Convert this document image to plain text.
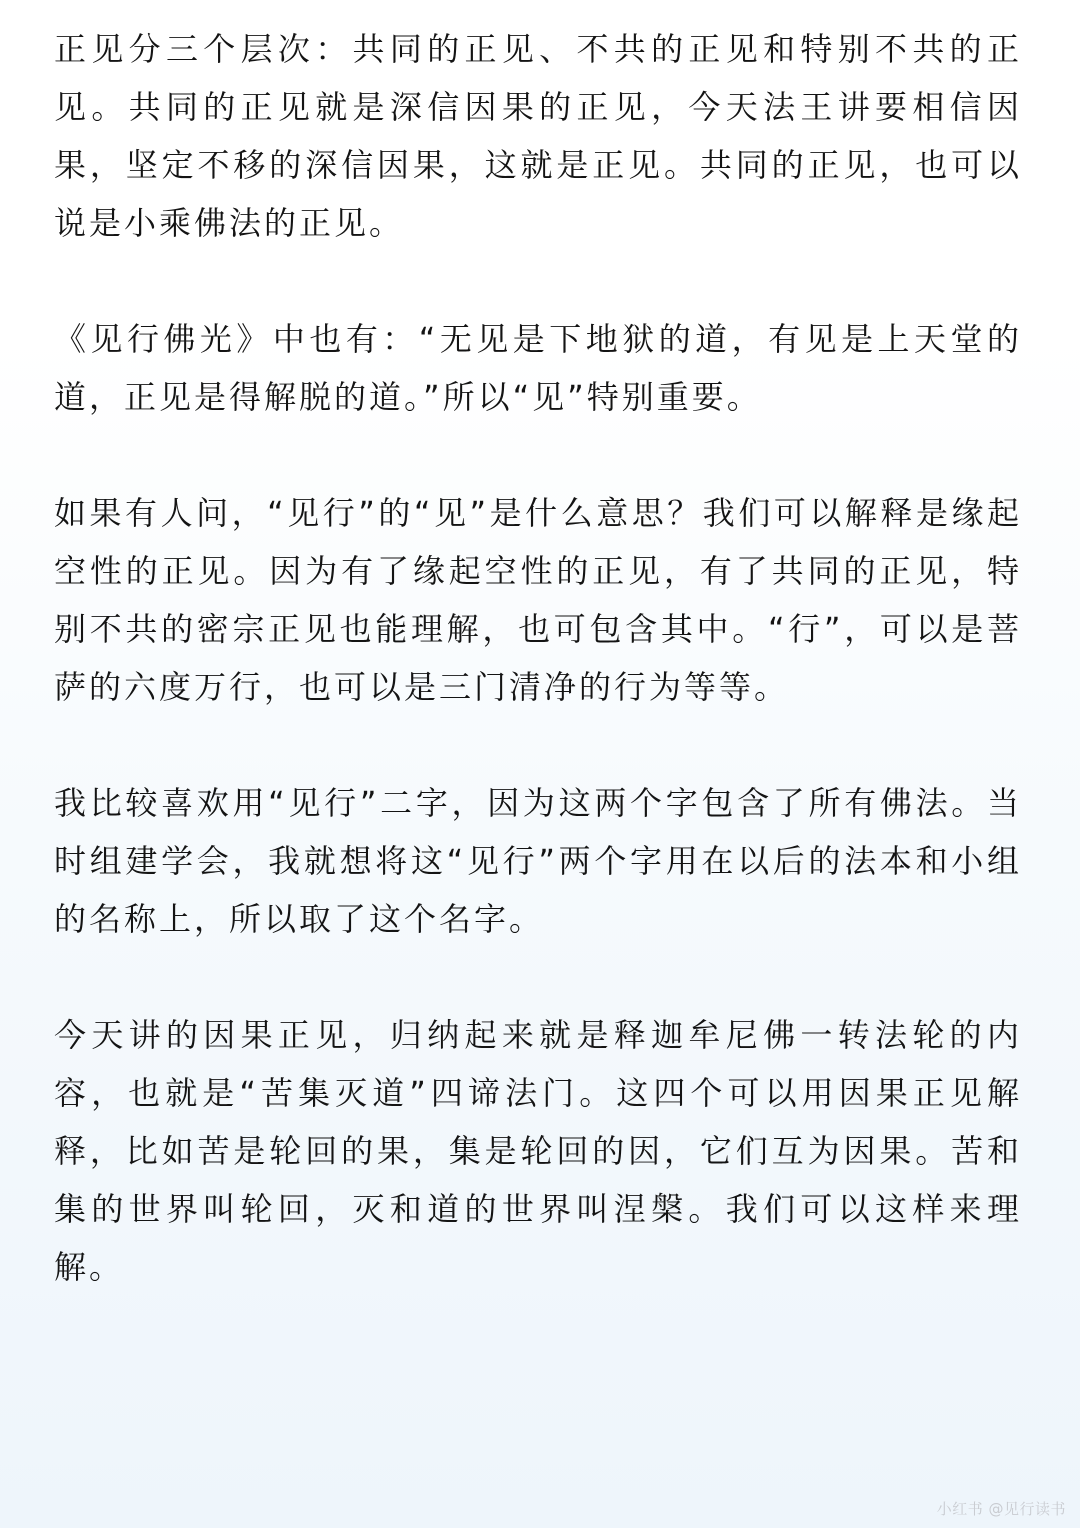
正见分三个层次：共同的正见、不共的正见和特别不共的正见。共同的正见就是深信因果的正见，今天法王讲要相信因果，坚定不移的深信因果，这就是正见。共同的正见，也可以说是小乘佛法的正见。

《见行佛光》中也有：“无见是下地狱的道，有见是上天堂的道，正见是得解脱的道。”所以“见”特别重要。

如果有人问，“见行”的“见”是什么意思？我们可以解释是缘起空性的正见。因为有了缘起空性的正见，有了共同的正见，特别不共的密宗正见也能理解，也可包含其中。“行”，可以是菩萨的六度万行，也可以是三门清净的行为等等。

我比较喜欢用“见行”二字，因为这两个字包含了所有佛法。当时组建学会，我就想将这“见行”两个字用在以后的法本和小组的名称上，所以取了这个名字。

今天讲的因果正见，归纳起来就是释迦牟尼佛一转法轮的内容，也就是“苦集灭道”四谛法门。这四个可以用因果正见解释，比如苦是轮回的果，集是轮回的因，它们互为因果。苦和集的世界叫轮回，灭和道的世界叫涅槃。我们可以这样来理解。

小红书 @见行读书
